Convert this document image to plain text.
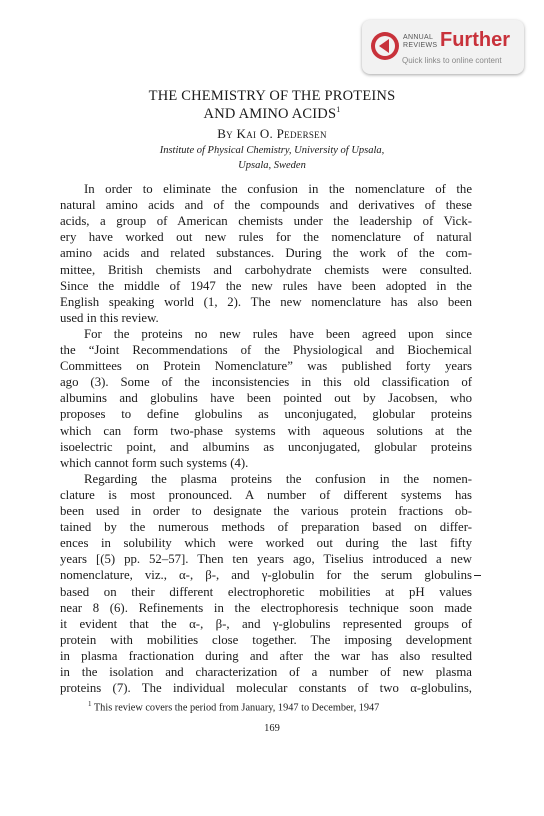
ANNUAL
REVIEWS Further
Quick links to online content
THE CHEMISTRY OF THE PROTEINS
AND AMINO ACIDS$^1$
By Kai O. Pedersen
Institute of Physical Chemistry, University of Upsala,
Upsala, Sweden
In order to eliminate the confusion in the nomenclature of the
natural amino acids and of the compounds and derivatives of these
acids, a group of American chemists under the leadership of Vick-
ery have worked out new rules for the nomenclature of natural
amino acids and related substances. During the work of the com-
mittee, British chemists and carbohydrate chemists were consulted.
Since the middle of 1947 the new rules have been adopted in the
English speaking world (1, 2). The new nomenclature has also been
used in this review.
For the proteins no new rules have been agreed upon since
the “Joint Recommendations of the Physiological and Biochemical
Committees on Protein Nomenclature” was published forty years
ago (3). Some of the inconsistencies in this old classification of
albumins and globulins have been pointed out by Jacobsen, who
proposes to define globulins as unconjugated, globular proteins
which can form two-phase systems with aqueous solutions at the
isoelectric point, and albumins as unconjugated, globular proteins
which cannot form such systems (4).
Regarding the plasma proteins the confusion in the nomen-
clature is most pronounced. A number of different systems has
been used in order to designate the various protein fractions ob-
tained by the numerous methods of preparation based on differ-
ences in solubility which were worked out during the last fifty
years [(5) pp. 52–57]. Then ten years ago, Tiselius introduced a new
nomenclature, viz., α-, β-, and γ-globulin for the serum globulins
based on their different electrophoretic mobilities at pH values
near 8 (6). Refinements in the electrophoresis technique soon made
it evident that the α-, β-, and γ-globulins represented groups of
protein with mobilities close together. The imposing development
in plasma fractionation during and after the war has also resulted
in the isolation and characterization of a number of new plasma
proteins (7). The individual molecular constants of two α-globulins,
$^1$ This review covers the period from January, 1947 to December, 1947
169
